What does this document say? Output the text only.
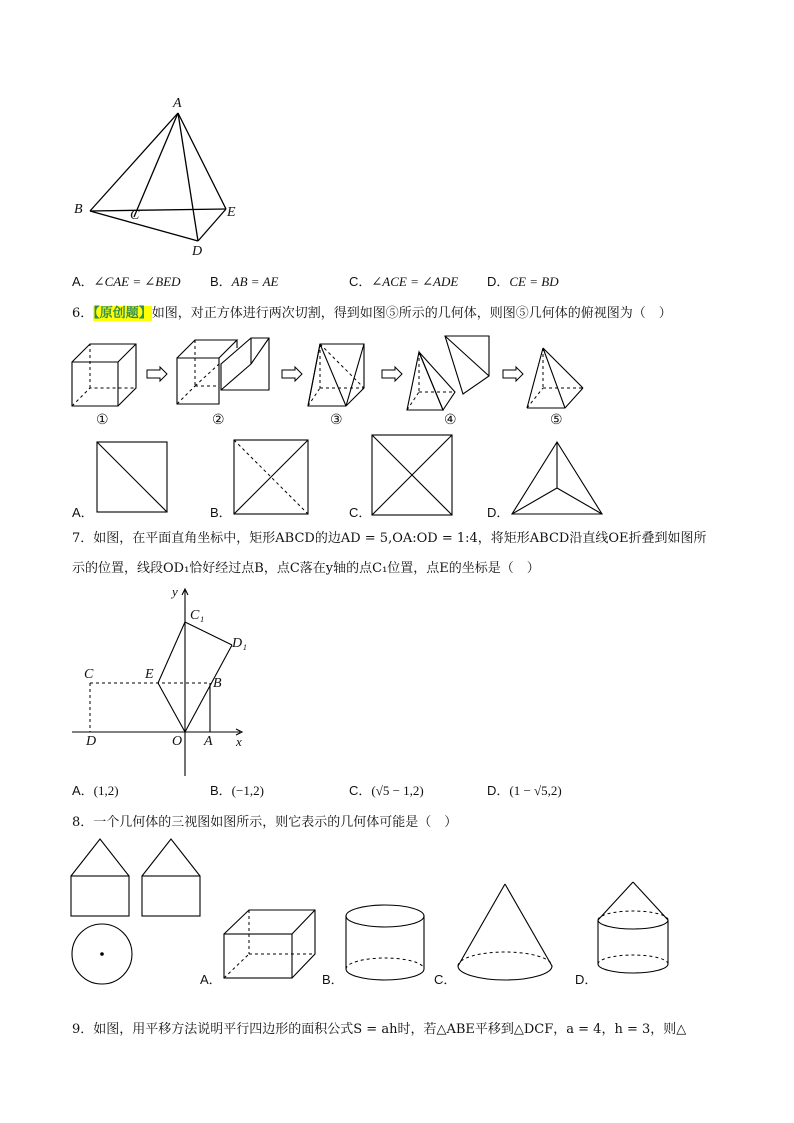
A
B	C
D
E
A．∠CAE = ∠BED B．AB = AE	C．∠ACE = ∠ADE D．CE = BD
6．【原创题】如图，对正方体进行两次切割，得到如图⑤所示的几何体，则图⑤几何体的俯视图为（　）
①	②	③	④	⑤
A．	B．	C．	D．
7．如图，在平面直角坐标中，矩形ABCD的边AD = 5,OA:OD = 1:4，将矩形ABCD沿直线OE折叠到如图所
示的位置，线段OD₁恰好经过点B，点C落在y轴的点C₁位置，点E的坐标是（　）
y
C₁
D₁
C	E
B
D	O A x
A．(1,2)	B．(−1,2)	C．(√5 − 1,2)	D．(1 − √5,2)
8．一个几何体的三视图如图所示，则它表示的几何体可能是（　）
A．	B．	C．	D．
9．如图，用平移方法说明平行四边形的面积公式S = ah时，若△ABE平移到△DCF，a = 4，h = 3，则△
